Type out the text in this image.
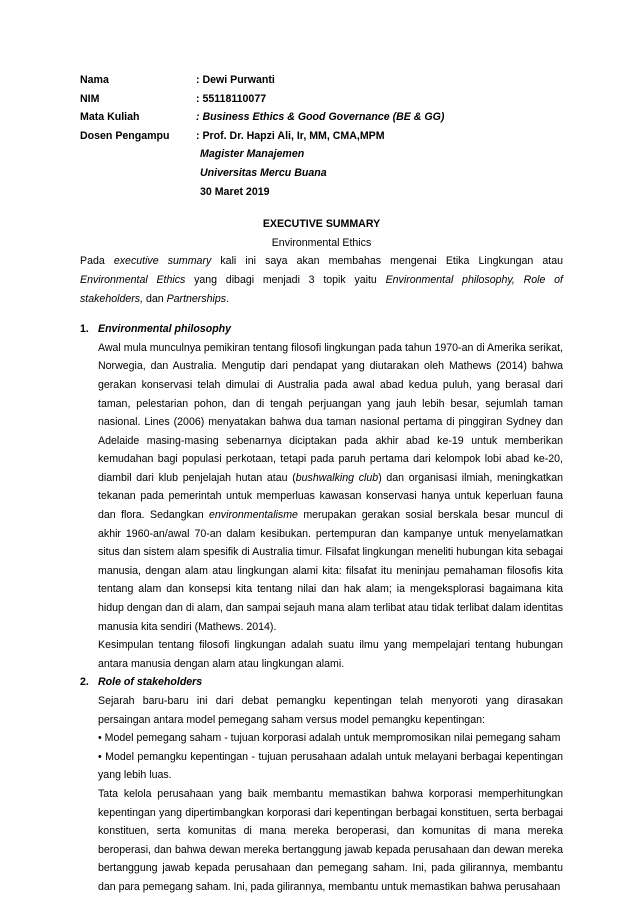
Nama	: Dewi Purwanti
NIM	: 55118110077
Mata Kuliah	: Business Ethics & Good Governance (BE & GG)
Dosen Pengampu	: Prof. Dr. Hapzi Ali, Ir, MM, CMA,MPM
Magister Manajemen
Universitas Mercu Buana
30 Maret 2019
EXECUTIVE SUMMARY
Environmental Ethics
Pada executive summary kali ini saya akan membahas mengenai Etika Lingkungan atau Environmental Ethics yang dibagi menjadi 3 topik yaitu Environmental philosophy, Role of stakeholders, dan Partnerships.
1. Environmental philosophy

Awal mula munculnya pemikiran tentang filosofi lingkungan pada tahun 1970-an di Amerika serikat, Norwegia, dan Australia. Mengutip dari pendapat yang diutarakan oleh Mathews (2014) bahwa gerakan konservasi telah dimulai di Australia pada awal abad kedua puluh, yang berasal dari taman, pelestarian pohon, dan di tengah perjuangan yang jauh lebih besar, sejumlah taman nasional. Lines (2006) menyatakan bahwa dua taman nasional pertama di pinggiran Sydney dan Adelaide masing-masing sebenarnya diciptakan pada akhir abad ke-19 untuk memberikan kemudahan bagi populasi perkotaan, tetapi pada paruh pertama dari kelompok lobi abad ke-20, diambil dari klub penjelajah hutan atau (bushwalking club) dan organisasi ilmiah, meningkatkan tekanan pada pemerintah untuk memperluas kawasan konservasi hanya untuk keperluan fauna dan flora. Sedangkan environmentalisme merupakan gerakan sosial berskala besar muncul di akhir 1960-an/awal 70-an dalam kesibukan. pertempuran dan kampanye untuk menyelamatkan situs dan sistem alam spesifik di Australia timur. Filsafat lingkungan meneliti hubungan kita sebagai manusia, dengan alam atau lingkungan alami kita: filsafat itu meninjau pemahaman filosofis kita tentang alam dan konsepsi kita tentang nilai dan hak alam; ia mengeksplorasi bagaimana kita hidup dengan dan di alam, dan sampai sejauh mana alam terlibat atau tidak terlibat dalam identitas manusia kita sendiri (Mathews. 2014).

Kesimpulan tentang filosofi lingkungan adalah suatu ilmu yang mempelajari tentang hubungan antara manusia dengan alam atau lingkungan alami.

2. Role of stakeholders

Sejarah baru-baru ini dari debat pemangku kepentingan telah menyoroti yang dirasakan persaingan antara model pemegang saham versus model pemangku kepentingan:

• Model pemegang saham - tujuan korporasi adalah untuk mempromosikan nilai pemegang saham

• Model pemangku kepentingan - tujuan perusahaan adalah untuk melayani berbagai kepentingan yang lebih luas.

Tata kelola perusahaan yang baik membantu memastikan bahwa korporasi memperhitungkan kepentingan yang dipertimbangkan korporasi dari kepentingan berbagai konstituen, serta berbagai konstituen, serta komunitas di mana mereka beroperasi, dan komunitas di mana mereka beroperasi, dan bahwa dewan mereka bertanggung jawab kepada perusahaan dan dewan mereka bertanggung jawab kepada perusahaan dan pemegang saham. Ini, pada gilirannya, membantu dan para pemegang saham. Ini, pada gilirannya, membantu untuk memastikan bahwa perusahaan
